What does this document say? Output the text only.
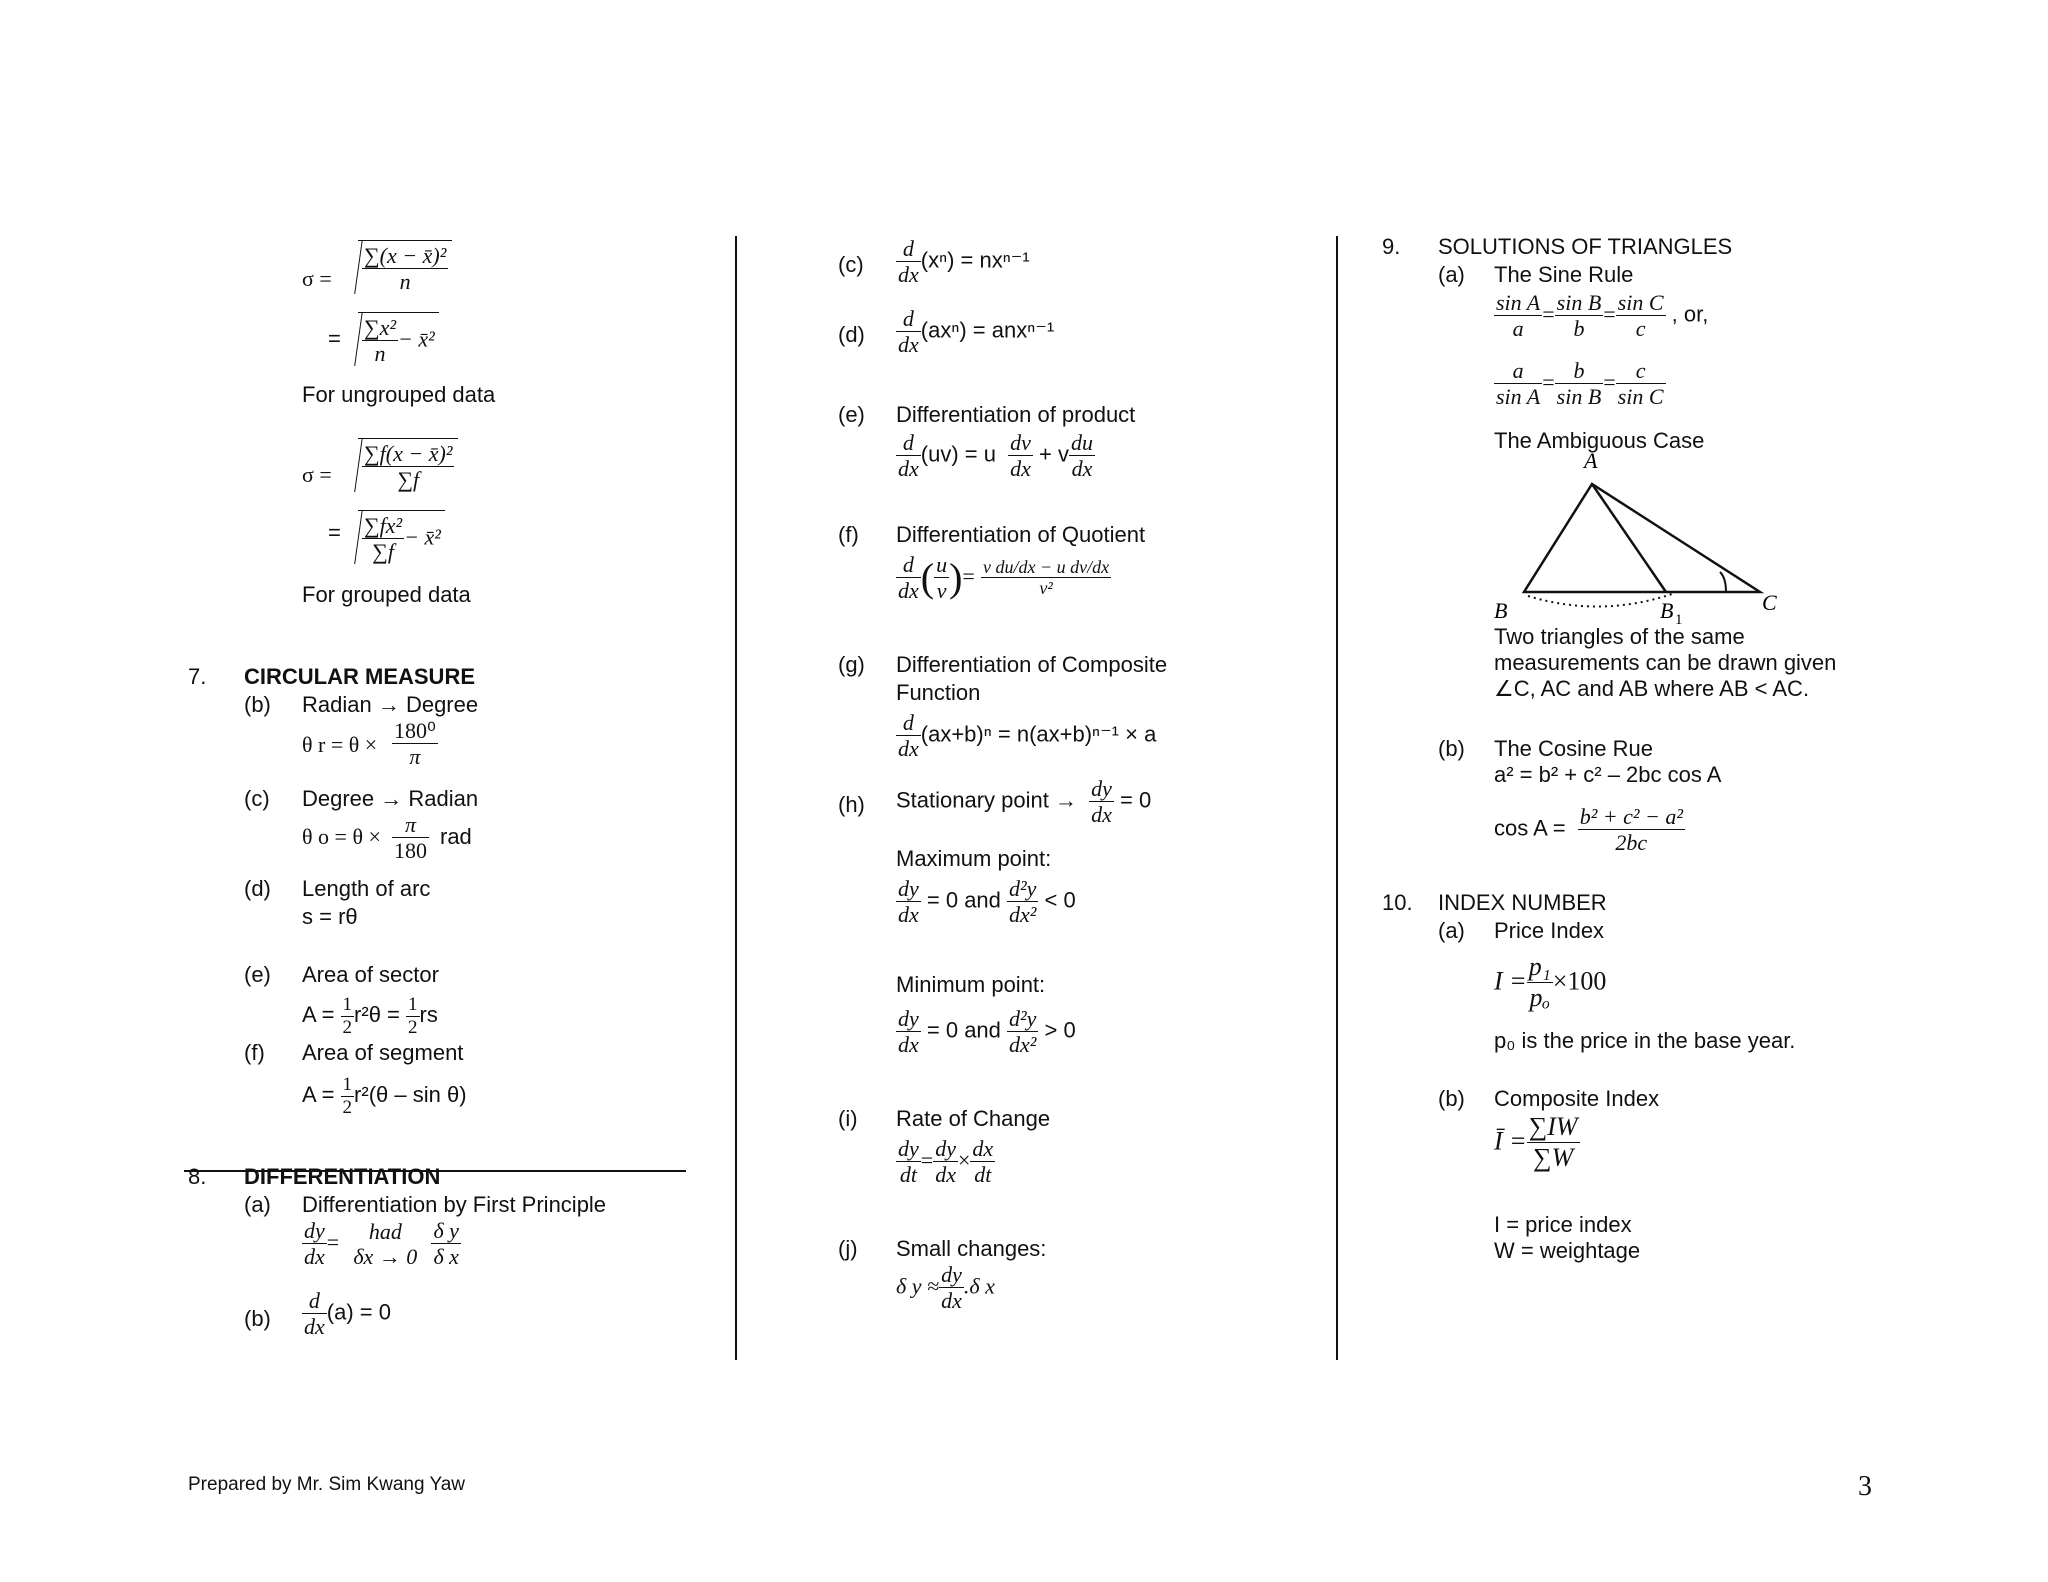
$\sigma = \frac{\text{∑(x − x̄)²}}{n}$
= $\frac{\text{∑x²}}{n}$ − x̄²
For ungrouped data
$\sigma = \frac{\text{∑f(x − x̄)²}}{\sum f}$
= $\frac{\text{∑fx²}}{\sum f}$ − x̄²
For grouped data
7. CIRCULAR MEASURE
(b) Radian → Degree
θ $r = \theta \times \frac{\text{180⁰}}{\pi}$
(c) Degree → Radian
θ $o = \theta \times \frac{\pi}{180}$ rad
(d) Length of arc
s = rθ
(e) Area of sector
$A = \frac{1}{2} r^2\theta = \frac{1}{2}$ rs
(f) Area of segment
$A = \frac{1}{2} r^2(\theta - \sin \theta)$
8. DIFFERENTIATION
(a) Differentiation by First Principle
$\frac{dy}{dx}$ =	had
δx → 0
$\frac{\text{δ y}}{\text{δ x}}$
$(b) \frac{d}{dx} (a) = 0$
$(c) \frac{d}{dx} (x^n) = nx^{n-1}$
$(d) \frac{d}{dx} (ax^n) = anx^{n-1}$
(e) Differentiation of product
$\frac{d}{dx} (uv) = u \frac{dv}{dx} + v \frac{du}{dx}$
(f) Differentiation of Quotient
$\frac{d}{dx}$ ( $\frac{u}{v}$ )= $\frac{\text{v du/dx − u dv/dx}}{\text{v²}}$
(g) Differentiation of Composite
Function
$\frac{d}{dx} (ax+b)^n = n(ax+b)^{n-1} \times a$
(h) Stationary point → $\frac{dy}{dx} = 0$
Maximum point:
$\frac{dy}{dx} = 0$ and $\frac{\text{d²y}}{\text{dx²}} < 0$
Minimum point:
$\frac{dy}{dx} = 0$ and $\frac{\text{d²y}}{\text{dx²}} > 0$
(i) Rate of Change
$\frac{dy}{dt} = \frac{dy}{dx} \times \frac{dx}{dt}$
(j) Small changes:
δ $y \approx \frac{dy}{dx} .\delta$ x
9. SOLUTIONS OF TRIANGLES
(a) The Sine Rule
$\frac{\text{sin A}}{a} = \frac{\text{sin B}}{b} = \frac{\text{sin C}}{c}$ , or,
$\frac{a}{\text{sin A}} = \frac{b}{\text{sin B}} = \frac{c}{\text{sin C}}$
The Ambiguous Case
A
B	B 1
C
Two triangles of the same
measurements can be drawn given
∠C, AC and AB where AB < AC.
(b) The Cosine Rue
a² = b² + c² – 2bc cos A
$\cos A = \frac{\text{b² + c² − a²}}{2bc}$
10. INDEX NUMBER
(a) Price Index
$I = \frac{\text{p₁}}{\text{pₒ}} \times 100$
p₀ is the price in the base year.
(b) Composite Index
Ī = $\frac{\sum IW}{\sum W}$
I = price index
W = weightage
Prepared by Mr. Sim Kwang Yaw	3
